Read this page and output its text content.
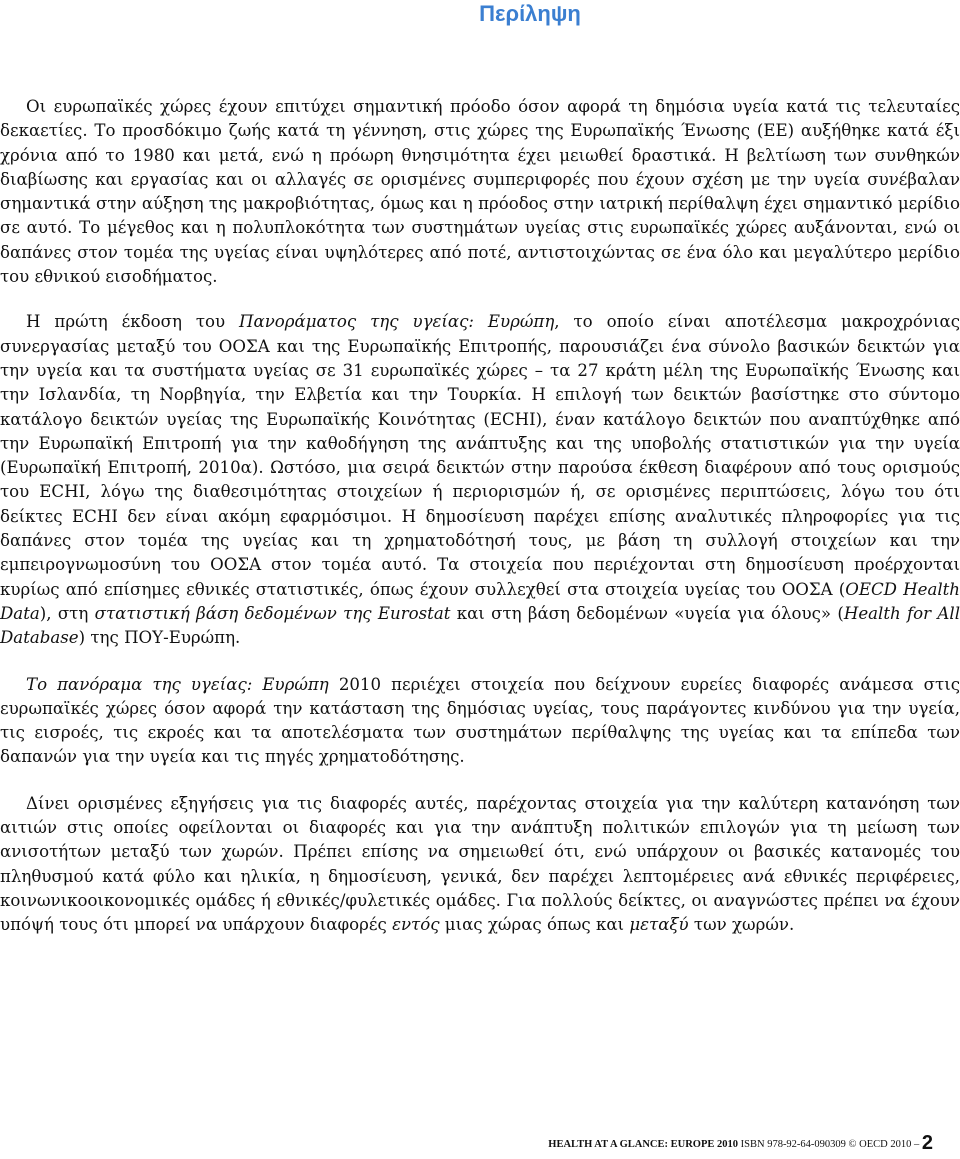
Περίληψη

Οι ευρωπαϊκές χώρες έχουν επιτύχει σημαντική πρόοδο όσον αφορά τη δημόσια υγεία κατά τις τελευταίες δεκαετίες. Το προσδόκιμο ζωής κατά τη γέννηση, στις χώρες της Ευρωπαϊκής Ένωσης (ΕΕ) αυξήθηκε κατά έξι χρόνια από το 1980 και μετά, ενώ η πρόωρη θνησιμότητα έχει μειωθεί δραστικά. Η βελτίωση των συνθηκών διαβίωσης και εργασίας και οι αλλαγές σε ορισμένες συμπεριφορές που έχουν σχέση με την υγεία συνέβαλαν σημαντικά στην αύξηση της μακροβιότητας, όμως και η πρόοδος στην ιατρική περίθαλψη έχει σημαντικό μερίδιο σε αυτό. Το μέγεθος και η πολυπλοκότητα των συστημάτων υγείας στις ευρωπαϊκές χώρες αυξάνονται, ενώ οι δαπάνες στον τομέα της υγείας είναι υψηλότερες από ποτέ, αντιστοιχώντας σε ένα όλο και μεγαλύτερο μερίδιο του εθνικού εισοδήματος.

Η πρώτη έκδοση του Πανοράματος της υγείας: Ευρώπη, το οποίο είναι αποτέλεσμα μακροχρόνιας συνεργασίας μεταξύ του ΟΟΣΑ και της Ευρωπαϊκής Επιτροπής, παρουσιάζει ένα σύνολο βασικών δεικτών για την υγεία και τα συστήματα υγείας σε 31 ευρωπαϊκές χώρες – τα 27 κράτη μέλη της Ευρωπαϊκής Ένωσης και την Ισλανδία, τη Νορβηγία, την Ελβετία και την Τουρκία. Η επιλογή των δεικτών βασίστηκε στο σύντομο κατάλογο δεικτών υγείας της Ευρωπαϊκής Κοινότητας (ECHI), έναν κατάλογο δεικτών που αναπτύχθηκε από την Ευρωπαϊκή Επιτροπή για την καθοδήγηση της ανάπτυξης και της υποβολής στατιστικών για την υγεία (Ευρωπαϊκή Επιτροπή, 2010α). Ωστόσο, μια σειρά δεικτών στην παρούσα έκθεση διαφέρουν από τους ορισμούς του ECHI, λόγω της διαθεσιμότητας στοιχείων ή περιορισμών ή, σε ορισμένες περιπτώσεις, λόγω του ότι δείκτες ECHI δεν είναι ακόμη εφαρμόσιμοι. Η δημοσίευση παρέχει επίσης αναλυτικές πληροφορίες για τις δαπάνες στον τομέα της υγείας και τη χρηματοδότησή τους, με βάση τη συλλογή στοιχείων και την εμπειρογνωμοσύνη του ΟΟΣΑ στον τομέα αυτό. Τα στοιχεία που περιέχονται στη δημοσίευση προέρχονται κυρίως από επίσημες εθνικές στατιστικές, όπως έχουν συλλεχθεί στα στοιχεία υγείας του ΟΟΣΑ (OECD Health Data), στη στατιστική βάση δεδομένων της Eurostat και στη βάση δεδομένων «υγεία για όλους» (Health for All Database) της ΠΟΥ-Ευρώπη.

Το πανόραμα της υγείας: Ευρώπη 2010 περιέχει στοιχεία που δείχνουν ευρείες διαφορές ανάμεσα στις ευρωπαϊκές χώρες όσον αφορά την κατάσταση της δημόσιας υγείας, τους παράγοντες κινδύνου για την υγεία, τις εισροές, τις εκροές και τα αποτελέσματα των συστημάτων περίθαλψης της υγείας και τα επίπεδα των δαπανών για την υγεία και τις πηγές χρηματοδότησης.

Δίνει ορισμένες εξηγήσεις για τις διαφορές αυτές, παρέχοντας στοιχεία για την καλύτερη κατανόηση των αιτιών στις οποίες οφείλονται οι διαφορές και για την ανάπτυξη πολιτικών επιλογών για τη μείωση των ανισοτήτων μεταξύ των χωρών. Πρέπει επίσης να σημειωθεί ότι, ενώ υπάρχουν οι βασικές κατανομές του πληθυσμού κατά φύλο και ηλικία, η δημοσίευση, γενικά, δεν παρέχει λεπτομέρειες ανά εθνικές περιφέρειες, κοινωνικοοικονομικές ομάδες ή εθνικές/φυλετικές ομάδες. Για πολλούς δείκτες, οι αναγνώστες πρέπει να έχουν υπόψή τους ότι μπορεί να υπάρχουν διαφορές εντός μιας χώρας όπως και μεταξύ των χωρών.

HEALTH AT A GLANCE: EUROPE 2010 ISBN 978-92-64-090309 © OECD 2010 – 2
